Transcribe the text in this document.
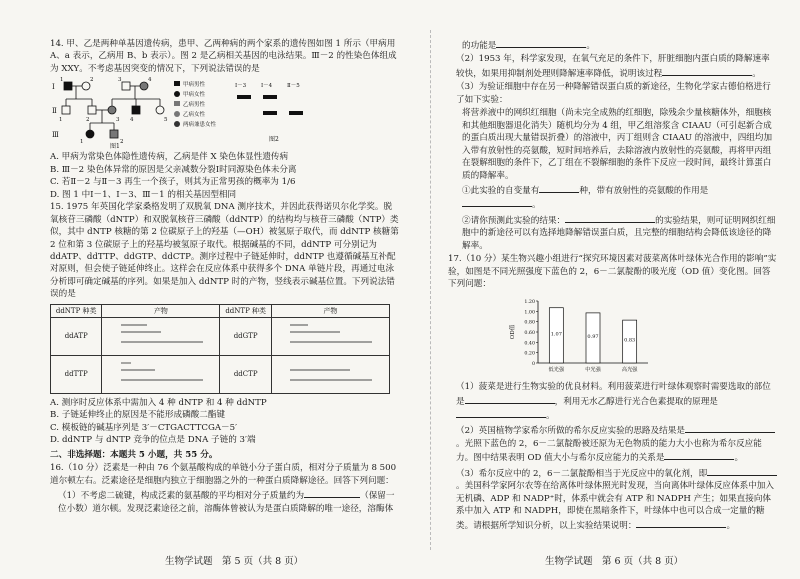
14. 甲、乙是两种单基因遗传病，患甲、乙两种病的两个家系的遗传图如图 1 所示（甲病用 A、a 表示，乙病用 B、b 表示）。图 2 是乙病相关基因的电泳结果。Ⅲ－2 的性染色体组成为 XXY。不考虑基因突变的情况下，下列说法错误的是

Ⅰ
Ⅱ
Ⅲ
1	2	3	4
1	2	3 4	5
1	2
甲病男性
甲病女性
乙病男性
乙病女性
两病兼患女性
图1
Ⅰ－3	Ⅰ－4	Ⅱ－5
图2

A. 甲病为常染色体隐性遗传病，乙病是伴 X 染色体显性遗传病

B. Ⅲ－2 染色体异常的原因是父亲减数分裂Ⅰ时同源染色体未分离

C. 若Ⅱ－2 与Ⅱ－3 再生一个孩子，则其为正常男孩的概率为 1/6

D. 图 1 中Ⅰ－1、Ⅰ－3、Ⅲ－1 的相关基因型相同

15. 1975 年英国化学家桑格发明了双脱氧 DNA 测序技术，并因此获得诺贝尔化学奖。脱氧核苷三磷酸（dNTP）和双脱氧核苷三磷酸（ddNTP）的结构均与核苷三磷酸（NTP）类似，其中 dNTP 核糖的第 2 位碳原子上的羟基（—OH）被氢原子取代，而 ddNTP 核糖第 2 位和第 3 位碳原子上的羟基均被氢原子取代。根据碱基的不同，ddNTP 可分别记为 ddATP、ddTTP、ddGTP、ddCTP。测序过程中子链延伸时，ddNTP 也遵循碱基互补配对原则，但会使子链延伸终止。这样会在反应体系中获得多个 DNA 单链片段，再通过电泳分析即可确定碱基的序列。如果是加入 ddNTP 时的产物，竖线表示碱基位置。下列说法错误的是

ddNTP 种类	产物	ddNTP 种类	产物
ddATP		ddGTP	
ddTTP		ddCTP	

A. 测序时反应体系中需加入 4 种 dNTP 和 4 种 ddNTP

B. 子链延伸终止的原因是不能形成磷酸二酯键

C. 模板链的碱基序列是 3′－CTGACTTCGA－5′

D. ddNTP 与 dNTP 竞争的位点是 DNA 子链的 3′端

二、非选择题：本题共 5 小题，共 55 分。

16.（10 分）泛素是一种由 76 个氨基酸构成的单链小分子蛋白质，相对分子质量为 8 500 道尔顿左右。泛素途径是细胞内独立于细胞器之外的一种蛋白质降解途径。回答下列问题：

（1）不考虑二硫键，构成泛素的氨基酸的平均相对分子质量约为	（保留一位小数）道尔顿。发现泛素途径之前，溶酶体曾被认为是蛋白质降解的唯一途径，溶酶体

生物学试题　第 5 页（共 8 页）

的功能是	。

（2）1953 年，科学家发现，在氧气充足的条件下，肝脏细胞内蛋白质的降解速率较快，如果用抑制剂处理则降解速率降低，说明该过程	。

（3）为验证细胞中存在另一种降解错误蛋白质的新途径，生物化学家古德伯格进行了如下实验：

将营养液中的网织红细胞（尚未完全成熟的红细胞，除残余少量核糖体外，细胞核和其他细胞器退化消失）随机均分为 4 组，甲乙组溶浆含 CIAAU（可引起新合成的蛋白质出现大量错误折叠）的溶液中，丙丁组则含 CIAAU 的溶液中，四组均加入带有放射性的亮氨酸，短时间培养后，去除溶液内放射性的亮氨酸，再将甲丙组在裂解细胞的条件下，乙丁组在不裂解细胞的条件下反应一段时间，最终计算蛋白质的降解率。

①此实验的自变量有	种，带有放射性的亮氨酸的作用是。

②请你预测此实验的结果：	的实验结果，则可证明网织红细胞中的新途径可以有选择地降解错误蛋白质，且完整的细胞结构会降低该途径的降解率。

17.（10 分）某生物兴趣小组进行“探究环境因素对菠菜离体叶绿体光合作用的影响”实验，如图是不同光照强度下蓝色的 2，6－二氯靛酚的吸光度（OD 值）变化图。回答下列问题：

0
0.20
0.40
0.60
0.80
1.00
1.20
OD值	1.07
低光强
0.97
中光强
0.83
高光强

（1）菠菜是进行生物实验的优良材料。利用菠菜进行叶绿体观察时需要选取的部位是	，利用无水乙醇进行光合色素提取的原理是。

（2）英国植物学家希尔所做的希尔反应实验的思路及结果是。光照下蓝色的 2，6－二氯靛酚被还原为无色物质的能力大小也称为希尔反应能力。图中结果表明 OD 值大小与希尔反应能力的关系是	。

（3）希尔反应中的 2，6－二氯靛酚相当于光反应中的氧化剂，即。美国科学家阿尔农等在给离体叶绿体照光时发现，当向离体叶绿体反应体系中加入无机磷、ADP 和 NADP⁺时，体系中就会有 ATP 和 NADPH 产生；如果直接向体系中加入 ATP 和 NADPH，即使在黑暗条件下，叶绿体中也可以合成一定量的糖类。请根据所学知识分析，以上实验结果说明：	。

生物学试题　第 6 页（共 8 页）
